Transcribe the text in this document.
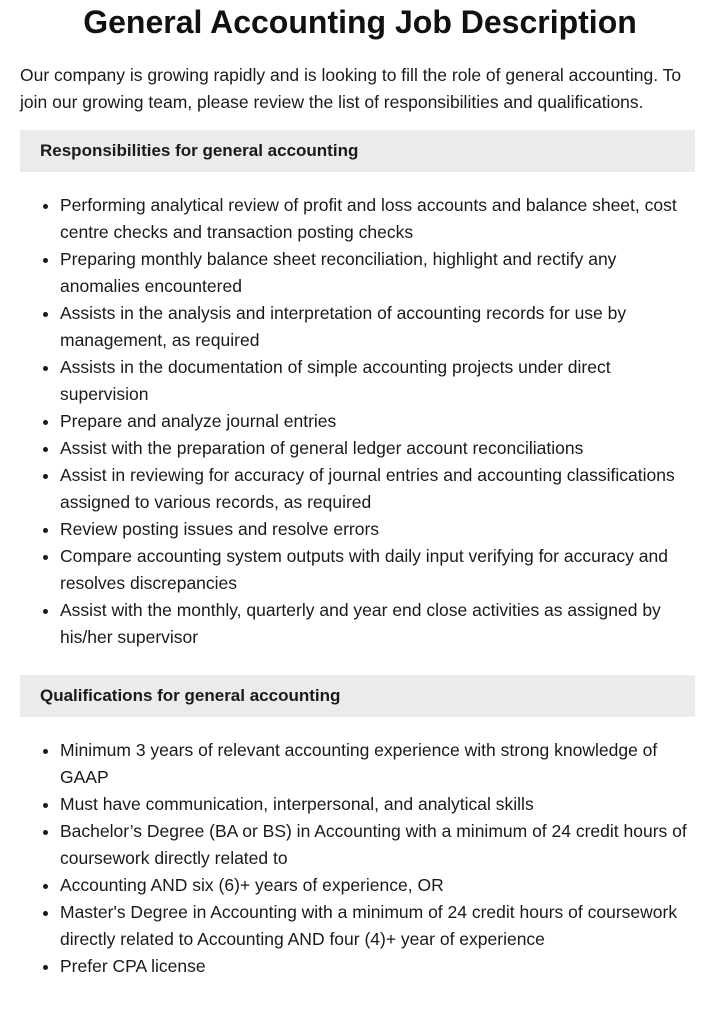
General Accounting Job Description

Our company is growing rapidly and is looking to fill the role of general accounting. To join our growing team, please review the list of responsibilities and qualifications.

Responsibilities for general accounting
• Performing analytical review of profit and loss accounts and balance sheet, cost centre checks and transaction posting checks
• Preparing monthly balance sheet reconciliation, highlight and rectify any anomalies encountered
• Assists in the analysis and interpretation of accounting records for use by management, as required
• Assists in the documentation of simple accounting projects under direct supervision
• Prepare and analyze journal entries
• Assist with the preparation of general ledger account reconciliations
• Assist in reviewing for accuracy of journal entries and accounting classifications assigned to various records, as required
• Review posting issues and resolve errors
• Compare accounting system outputs with daily input verifying for accuracy and resolves discrepancies
• Assist with the monthly, quarterly and year end close activities as assigned by his/her supervisor
Qualifications for general accounting
• Minimum 3 years of relevant accounting experience with strong knowledge of GAAP
• Must have communication, interpersonal, and analytical skills
• Bachelor’s Degree (BA or BS) in Accounting with a minimum of 24 credit hours of coursework directly related to
• Accounting AND six (6)+ years of experience, OR
• Master's Degree in Accounting with a minimum of 24 credit hours of coursework directly related to Accounting AND four (4)+ year of experience
• Prefer CPA license
